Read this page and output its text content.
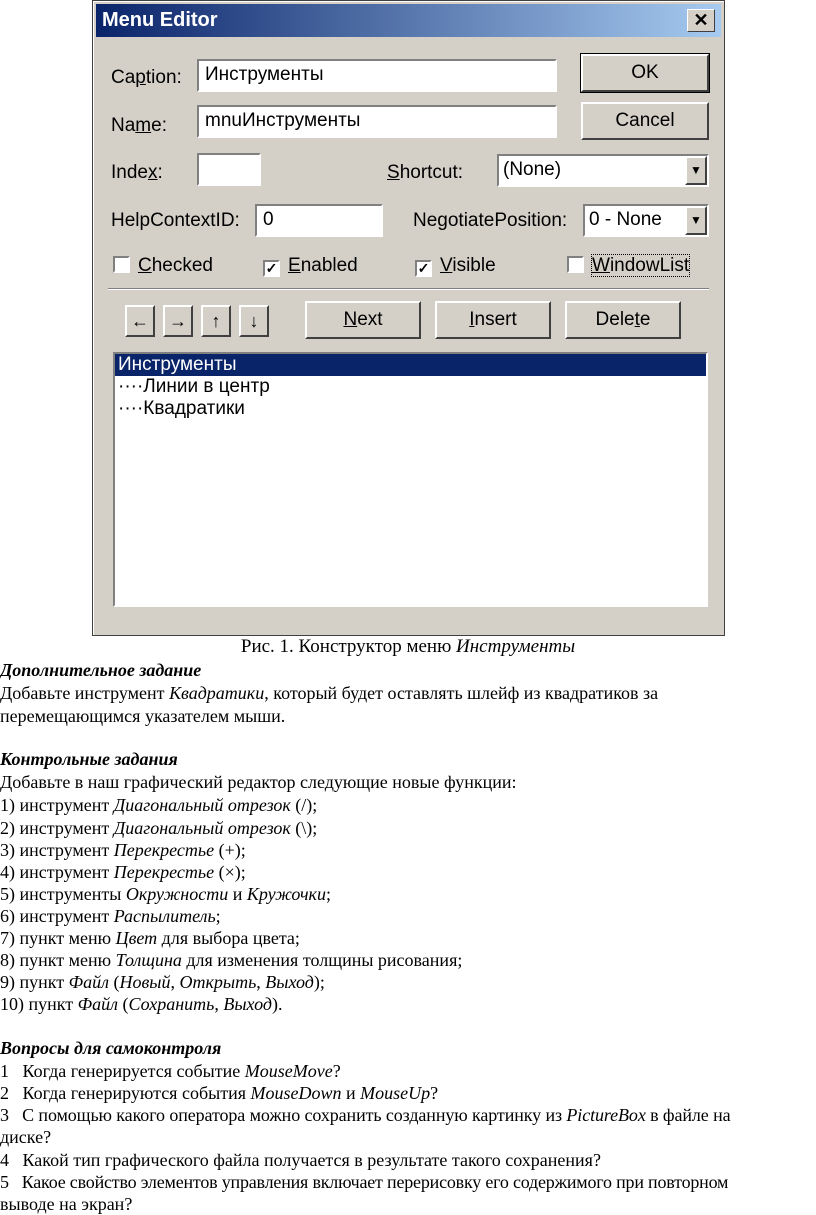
Menu Editor	✕
Caption:	Инструменты	OK
Name:	mnuИнструменты	Cancel
Index:	Shortcut: (None)	▼
HelpContextID:	0	NegotiatePosition: 0 - None	▼
Checked	✓ Enabled	✓ Visible	WindowList
←	→	↑	↓	Next	Insert	Delete
Инструменты
····Линии в центр
····Квадратики
Рис. 1. Конструктор меню Инструменты
Дополнительное задание
Добавьте инструмент Квадратики, который будет оставлять шлейф из квадратиков за
перемещающимся указателем мыши.
Контрольные задания
Добавьте в наш графический редактор следующие новые функции:
1) инструмент Диагональный отрезок (/);
2) инструмент Диагональный отрезок (\);
3) инструмент Перекрестье (+);
4) инструмент Перекрестье (×);
5) инструменты Окружности и Кружочки;
6) инструмент Распылитель;
7) пункт меню Цвет для выбора цвета;
8) пункт меню Толщина для изменения толщины рисования;
9) пункт Файл (Новый, Открыть, Выход);
10) пункт Файл (Сохранить, Выход).
Вопросы для самоконтроля
1   Когда генерируется событие MouseMove?
2   Когда генерируются события MouseDown и MouseUp?
3   С помощью какого оператора можно сохранить созданную картинку из PictureBox в файле на
диске?
4   Какой тип графического файла получается в результате такого сохранения?
5   Какое свойство элементов управления включает перерисовку его содержимого при повторном
выводе на экран?
